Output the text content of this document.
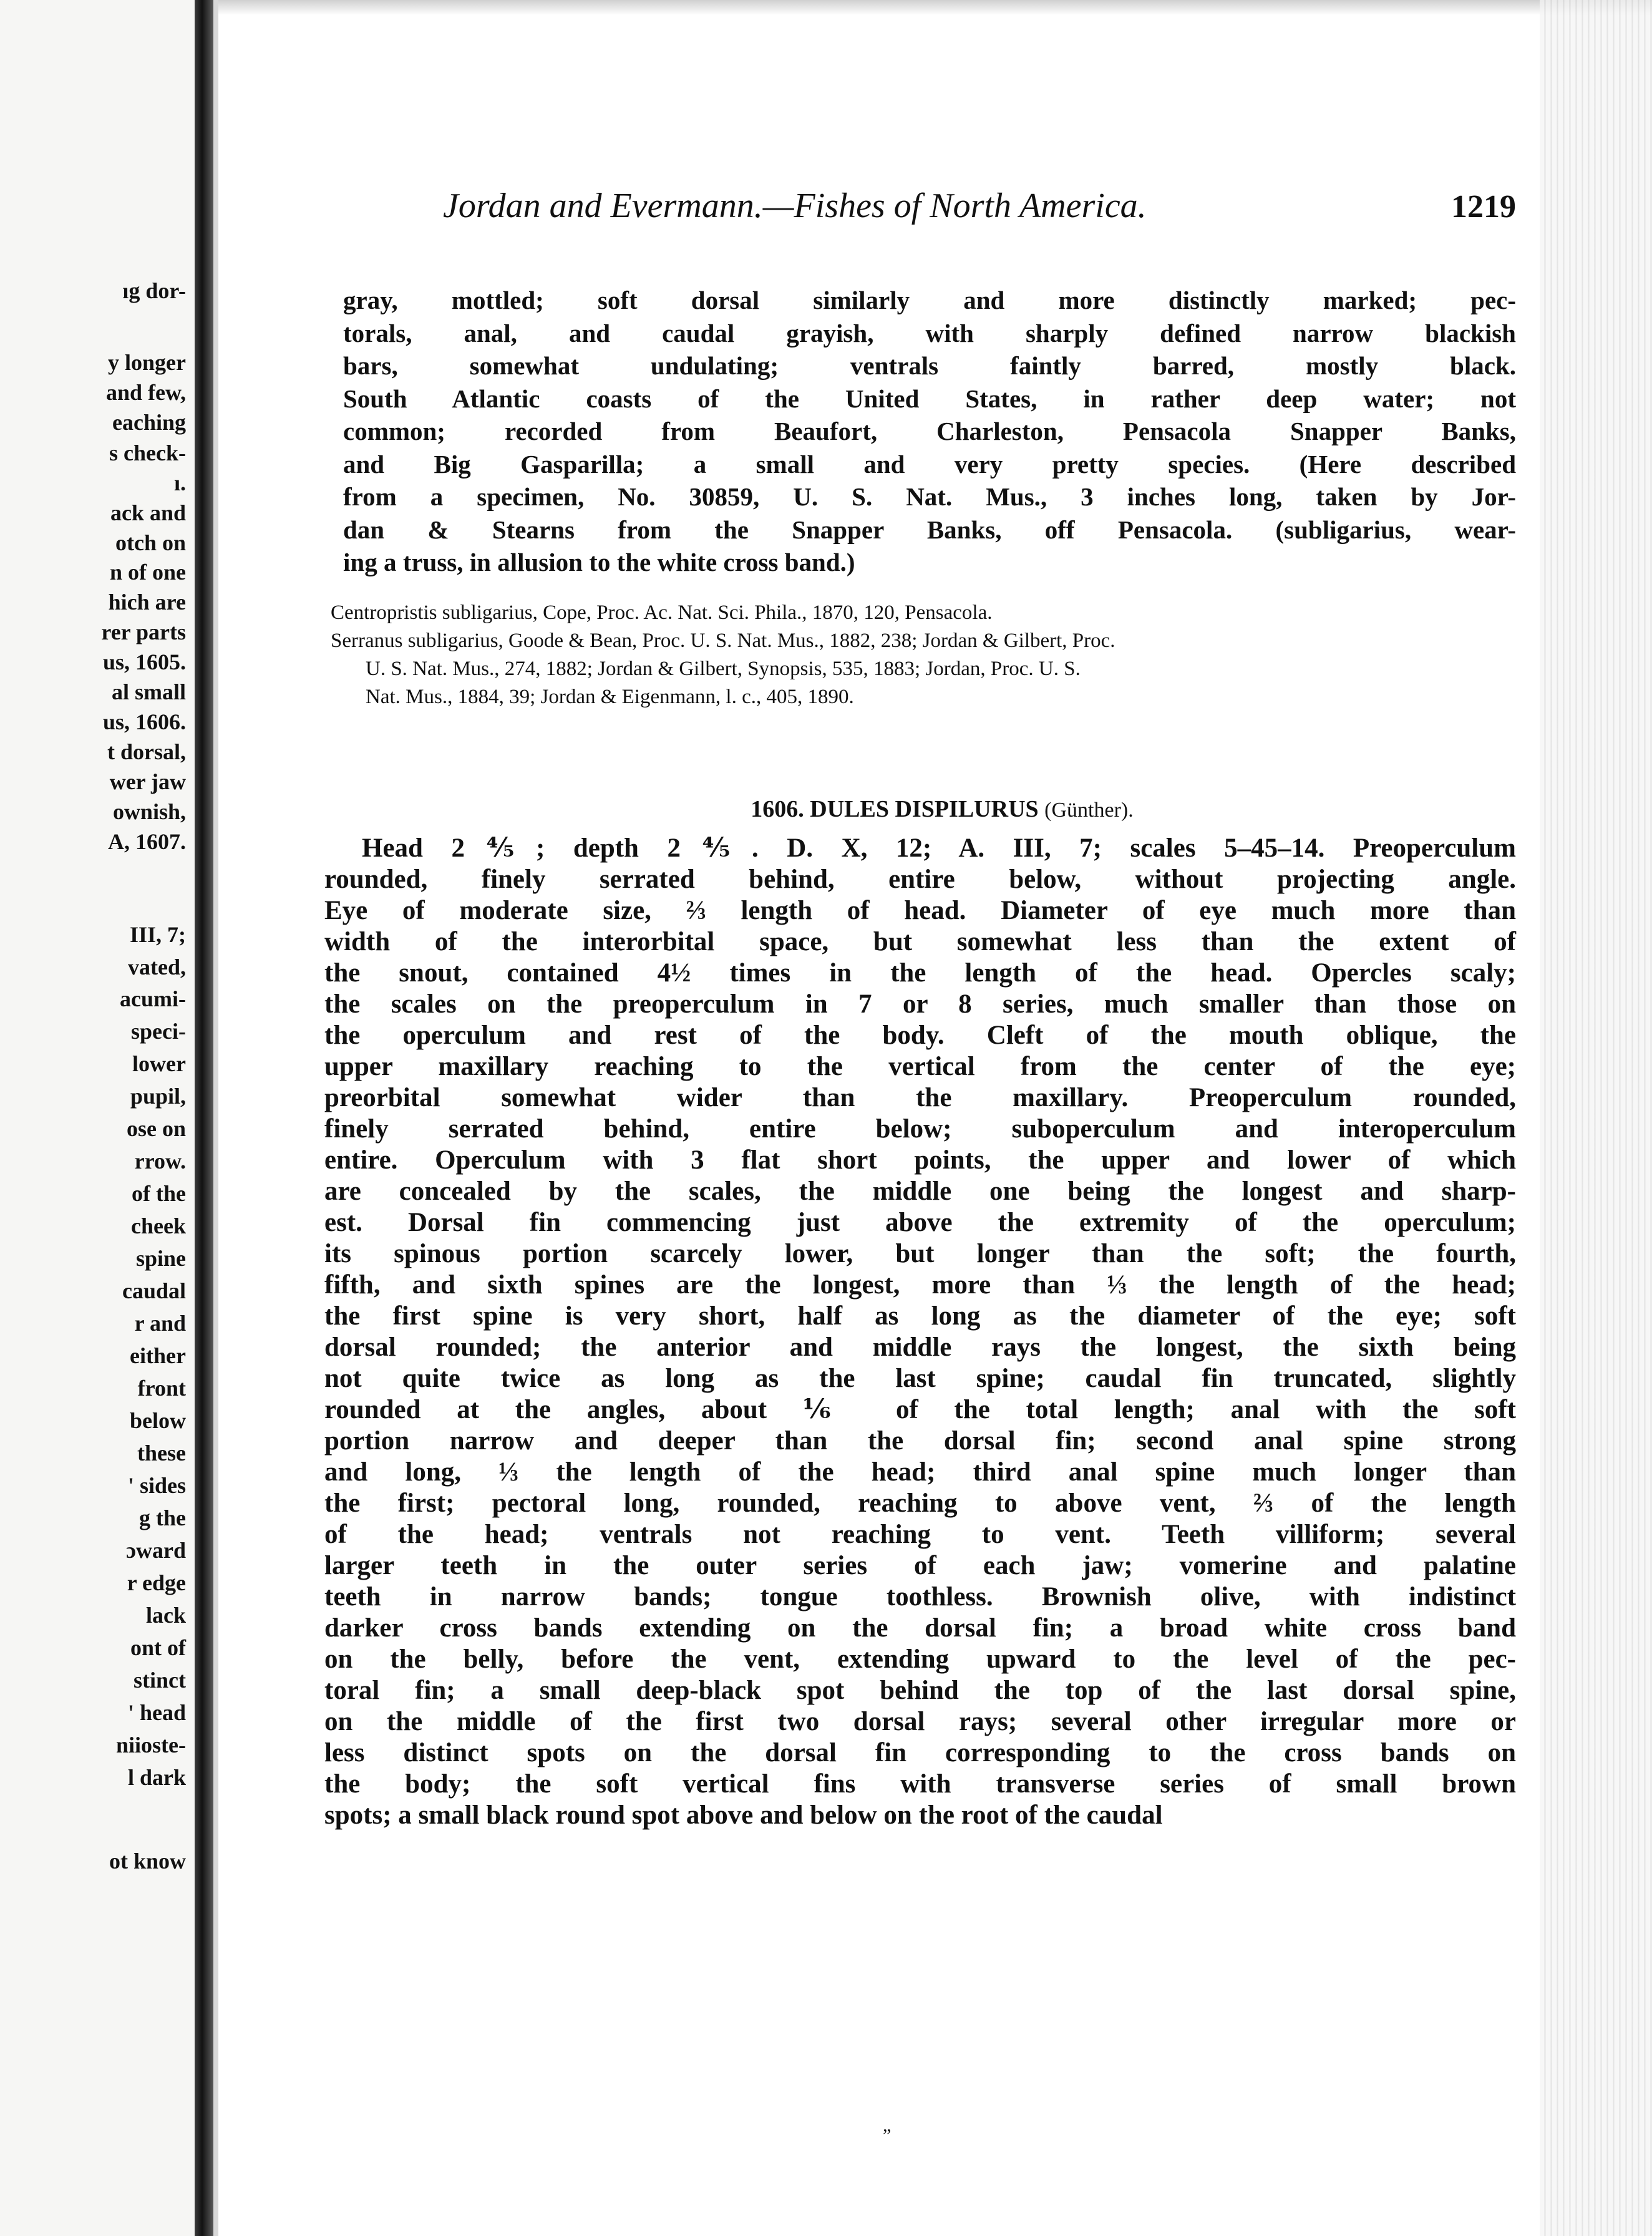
ıg dor-
y longer
and few,
eaching
s check-
ı.
ack and
otch on
n of one
hich are
rer parts
us, 1605.
al small
us, 1606.
t dorsal,
wer jaw
ownish,
A, 1607.
III, 7;
vated,
acumi-
speci-
lower
pupil,
ose on
rrow.
of the
cheek
spine
caudal
r and
either
front
below
these
' sides
g the
ɔward
r edge
lack
ont of
stinct
' head
niioste-
l dark
ot know
Jordan and Evermann.—Fishes of North America.	1219
gray, mottled; soft dorsal similarly and more distinctly marked; pec-
torals, anal, and caudal grayish, with sharply defined narrow blackish
bars, somewhat undulating; ventrals faintly barred, mostly black.
South Atlantic coasts of the United States, in rather deep water; not
common; recorded from Beaufort, Charleston, Pensacola Snapper Banks,
and Big Gasparilla; a small and very pretty species. (Here described
from a specimen, No. 30859, U. S. Nat. Mus., 3 inches long, taken by Jor-
dan & Stearns from the Snapper Banks, off Pensacola. (subligarius, wear-
ing a truss, in allusion to the white cross band.)
Centropristis subligarius, Cope, Proc. Ac. Nat. Sci. Phila., 1870, 120, Pensacola.
Serranus subligarius, Goode & Bean, Proc. U. S. Nat. Mus., 1882, 238; Jordan & Gilbert, Proc.
U. S. Nat. Mus., 274, 1882; Jordan & Gilbert, Synopsis, 535, 1883; Jordan, Proc. U. S.
Nat. Mus., 1884, 39; Jordan & Eigenmann, l. c., 405, 1890.
1606. DULES DISPILURUS (Günther).
Head 2⅘; depth 2⅘. D. X, 12; A. III, 7; scales 5–45–14. Preoperculum
rounded, finely serrated behind, entire below, without projecting angle.
Eye of moderate size, ⅔ length of head. Diameter of eye much more than
width of the interorbital space, but somewhat less than the extent of
the snout, contained 4½ times in the length of the head. Opercles scaly;
the scales on the preoperculum in 7 or 8 series, much smaller than those on
the operculum and rest of the body. Cleft of the mouth oblique, the
upper maxillary reaching to the vertical from the center of the eye;
preorbital somewhat wider than the maxillary. Preoperculum rounded,
finely serrated behind, entire below; suboperculum and interoperculum
entire. Operculum with 3 flat short points, the upper and lower of which
are concealed by the scales, the middle one being the longest and sharp-
est. Dorsal fin commencing just above the extremity of the operculum;
its spinous portion scarcely lower, but longer than the soft; the fourth,
fifth, and sixth spines are the longest, more than ⅓ the length of the head;
the first spine is very short, half as long as the diameter of the eye; soft
dorsal rounded; the anterior and middle rays the longest, the sixth being
not quite twice as long as the last spine; caudal fin truncated, slightly
rounded at the angles, about ⅙ of the total length; anal with the soft
portion narrow and deeper than the dorsal fin; second anal spine strong
and long, ⅓ the length of the head; third anal spine much longer than
the first; pectoral long, rounded, reaching to above vent, ⅔ of the length
of the head; ventrals not reaching to vent. Teeth villiform; several
larger teeth in the outer series of each jaw; vomerine and palatine
teeth in narrow bands; tongue toothless. Brownish olive, with indistinct
darker cross bands extending on the dorsal fin; a broad white cross band
on the belly, before the vent, extending upward to the level of the pec-
toral fin; a small deep-black spot behind the top of the last dorsal spine,
on the middle of the first two dorsal rays; several other irregular more or
less distinct spots on the dorsal fin corresponding to the cross bands on
the body; the soft vertical fins with transverse series of small brown
spots; a small black round spot above and below on the root of the caudal
„
